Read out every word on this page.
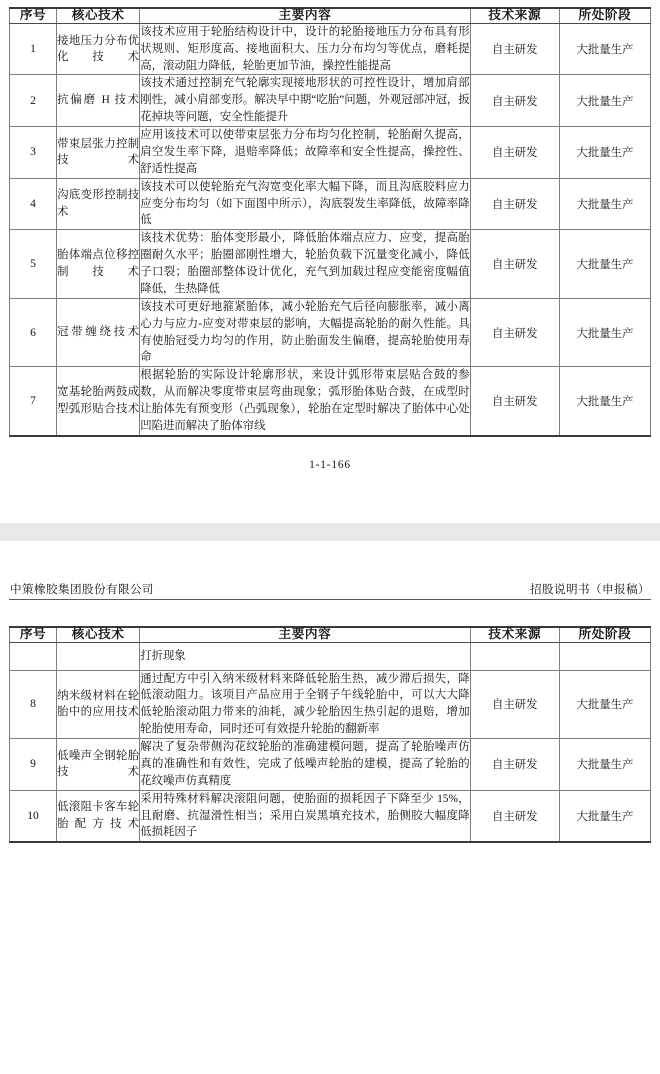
序号	核心技术	主要内容	技术来源	所处阶段
1	接地压力分布优化技术	该技术应用于轮胎结构设计中，设计的轮胎接地压力分布具有形状规则、矩形度高、接地面积大、压力分布均匀等优点，磨耗提高，滚动阻力降低，轮胎更加节油，操控性能提高	自主研发	大批量生产
2	抗偏磨 H 技术	该技术通过控制充气轮廓实现接地形状的可控性设计，增加肩部刚性，减小肩部变形。解决早中期“吃胎”问题，外观冠部冲冠，扳花掉块等问题，安全性能提升	自主研发	大批量生产
3	带束层张力控制技术	应用该技术可以使带束层张力分布均匀化控制，轮胎耐久提高，肩空发生率下降，退赔率降低；故障率和安全性提高，操控性、舒适性提高	自主研发	大批量生产
4	沟底变形控制技术	该技术可以使轮胎充气沟宽变化率大幅下降，而且沟底胶料应力应变分布均匀（如下面图中所示），沟底裂发生率降低，故障率降低	自主研发	大批量生产
5	胎体端点位移控制技术	该技术优势：胎体变形最小，降低胎体端点应力、应变，提高胎圈耐久水平；胎圈部刚性增大，轮胎负载下沉量变化减小，降低子口裂；胎圈部整体设计优化，充气到加载过程应变能密度幅值降低，生热降低	自主研发	大批量生产
6	冠带缠绕技术	该技术可更好地箍紧胎体，减小轮胎充气后径向膨胀率，减小离心力与应力-应变对带束层的影响，大幅提高轮胎的耐久性能。具有使胎冠受力均匀的作用，防止胎面发生偏磨，提高轮胎使用寿命	自主研发	大批量生产
7	宽基轮胎两鼓成型弧形贴合技术	根据轮胎的实际设计轮廓形状，来设计弧形带束层贴合鼓的参数，从而解决零度带束层弯曲现象；弧形胎体贴合鼓，在成型时让胎体先有预变形（凸弧现象），轮胎在定型时解决了胎体中心处凹陷进而解决了胎体帘线	自主研发	大批量生产
1-1-166
中策橡胶集团股份有限公司	招股说明书（申报稿）
序号	核心技术	主要内容	技术来源	所处阶段
		打折现象		
8	纳米级材料在轮胎中的应用技术	通过配方中引入纳米级材料来降低轮胎生热，减少滞后损失，降低滚动阻力。该项目产品应用于全钢子午线轮胎中，可以大大降低轮胎滚动阻力带来的油耗，减少轮胎因生热引起的退赔，增加轮胎使用寿命，同时还可有效提升轮胎的翻新率	自主研发	大批量生产
9	低噪声全钢轮胎技术	解决了复杂带侧沟花纹轮胎的准确建模问题，提高了轮胎噪声仿真的准确性和有效性，完成了低噪声轮胎的建模，提高了轮胎的花纹噪声仿真精度	自主研发	大批量生产
10	低滚阻卡客车轮胎配方技术	采用特殊材料解决滚阻问题，使胎面的损耗因子下降至少 15%，且耐磨、抗湿滑性相当；采用白炭黑填充技术，胎侧胶大幅度降低损耗因子	自主研发	大批量生产
